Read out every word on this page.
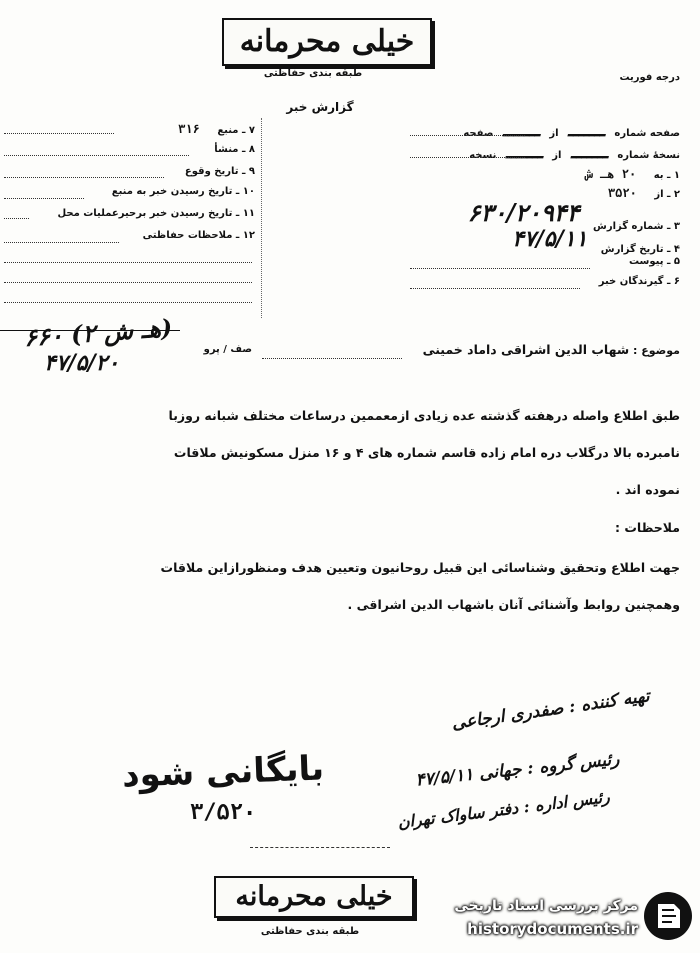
خیلی محرمانه
طبقه بندی حفاظتی	درجه فوریت
گزارش خبر
صفحه شماره ـــــــ از ـــــــ صفحه
نسخهٔ شماره ـــــــ از ـــــــ نسخه
۱ ـ به ۲۰ هـ ش
۲ ـ از ۳۵۲۰
۳ ـ شماره گزارش ۶۳۰/۲۰۹۴۴
۴ ـ تاریخ گزارش ۴۷/۵/۱۱
۵ ـ پیوست
۶ ـ گیرندگان خبر
۷ ـ منبع ۳۱۶
۸ ـ منشأ
۹ ـ تاریخ وقوع
۱۰ ـ تاریخ رسیدن خبر به منبع
۱۱ ـ تاریخ رسیدن خبر برحیرعملیات محل
۱۲ ـ ملاحظات حفاظتی
موضوع : شهاب الدین اشراقی داماد خمینی
صف / پرو
۶۶۰ (۲ هـ ش)
۴۷/۵/۲۰
طبق اطلاع واصله درهفته گذشته عده زیادی ازمعممین درساعات مختلف شبانه روزبا
نامبرده بالا درگلاب دره امام زاده قاسم شماره های ۴ و ۱۶ منزل مسکونیش ملاقات
نموده اند .
ملاحظات :
جهت اطلاع وتحقیق وشناسائی این قبیل روحانیون وتعیین هدف ومنظورازاین ملاقات
وهمچنین روابط وآشنائی آنان باشهاب الدین اشراقی .
تهیه کننده : صفدری ارجاعی
رئیس گروه : جهانی ۴۷/۵/۱۱
رئیس اداره : دفتر ساواک تهران
بایگانی شود
۳/۵۲۰
خیلی محرمانه
طبقه بندی حفاظتی
مرکز بررسی اسناد تاریخی
historydocuments.ir
